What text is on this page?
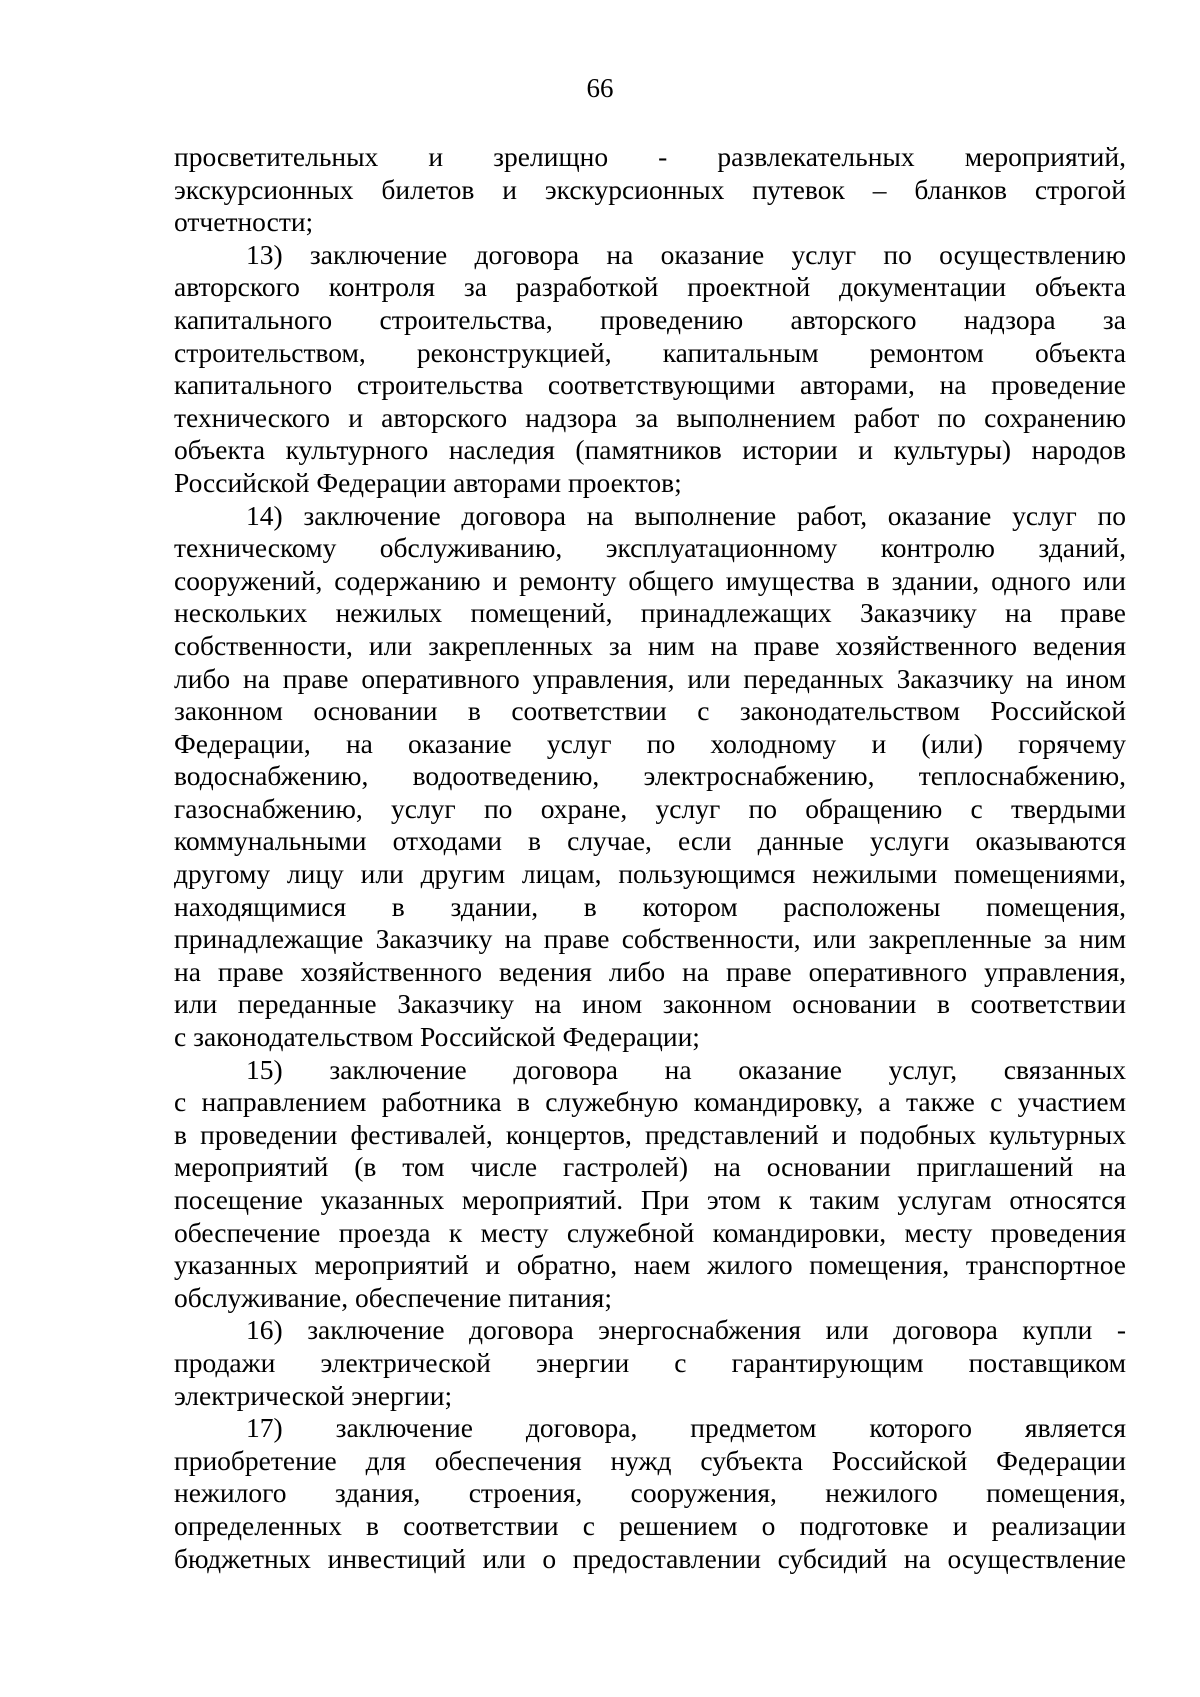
66
просветительных и зрелищно - развлекательных мероприятий,
экскурсионных билетов и экскурсионных путевок – бланков строгой
отчетности;
13) заключение договора на оказание услуг по осуществлению
авторского контроля за разработкой проектной документации объекта
капитального строительства, проведению авторского надзора за
строительством, реконструкцией, капитальным ремонтом объекта
капитального строительства соответствующими авторами, на проведение
технического и авторского надзора за выполнением работ по сохранению
объекта культурного наследия (памятников истории и культуры) народов
Российской Федерации авторами проектов;
14) заключение договора на выполнение работ, оказание услуг по
техническому обслуживанию, эксплуатационному контролю зданий,
сооружений, содержанию и ремонту общего имущества в здании, одного или
нескольких нежилых помещений, принадлежащих Заказчику на праве
собственности, или закрепленных за ним на праве хозяйственного ведения
либо на праве оперативного управления, или переданных Заказчику на ином
законном основании в соответствии с законодательством Российской
Федерации, на оказание услуг по холодному и (или) горячему
водоснабжению, водоотведению, электроснабжению, теплоснабжению,
газоснабжению, услуг по охране, услуг по обращению с твердыми
коммунальными отходами в случае, если данные услуги оказываются
другому лицу или другим лицам, пользующимся нежилыми помещениями,
находящимися в здании, в котором расположены помещения,
принадлежащие Заказчику на праве собственности, или закрепленные за ним
на праве хозяйственного ведения либо на праве оперативного управления,
или переданные Заказчику на ином законном основании в соответствии
с законодательством Российской Федерации;
15) заключение договора на оказание услуг, связанных
с направлением работника в служебную командировку, а также с участием
в проведении фестивалей, концертов, представлений и подобных культурных
мероприятий (в том числе гастролей) на основании приглашений на
посещение указанных мероприятий. При этом к таким услугам относятся
обеспечение проезда к месту служебной командировки, месту проведения
указанных мероприятий и обратно, наем жилого помещения, транспортное
обслуживание, обеспечение питания;
16) заключение договора энергоснабжения или договора купли -
продажи электрической энергии с гарантирующим поставщиком
электрической энергии;
17) заключение договора, предметом которого является
приобретение для обеспечения нужд субъекта Российской Федерации
нежилого здания, строения, сооружения, нежилого помещения,
определенных в соответствии с решением о подготовке и реализации
бюджетных инвестиций или о предоставлении субсидий на осуществление
